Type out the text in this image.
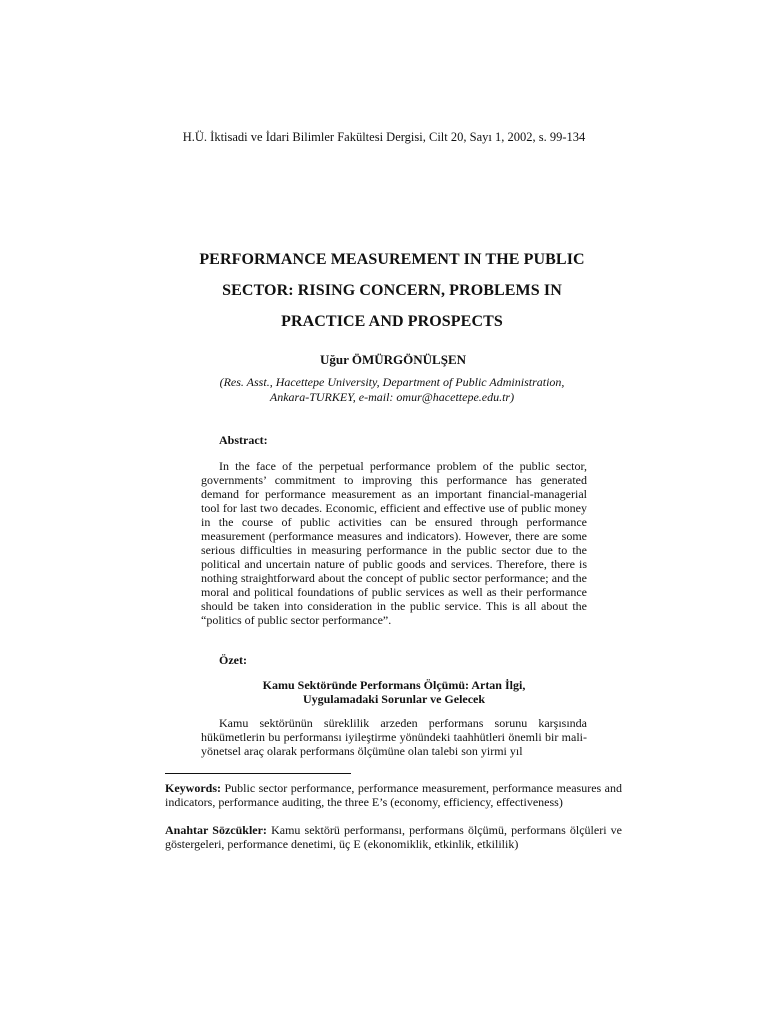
H.Ü. İktisadi ve İdari Bilimler Fakültesi Dergisi, Cilt 20, Sayı 1, 2002, s. 99-134
PERFORMANCE MEASUREMENT IN THE PUBLIC
SECTOR: RISING CONCERN, PROBLEMS IN
PRACTICE AND PROSPECTS
Uğur ÖMÜRGÖNÜLŞEN
(Res. Asst., Hacettepe University, Department of Public Administration,
Ankara-TURKEY, e-mail: omur@hacettepe.edu.tr)
Abstract:

In the face of the perpetual performance problem of the public sector, governments’ commitment to improving this performance has generated demand for performance measurement as an important financial-managerial tool for last two decades. Economic, efficient and effective use of public money in the course of public activities can be ensured through performance measurement (performance measures and indicators). However, there are some serious difficulties in measuring performance in the public sector due to the political and uncertain nature of public goods and services. Therefore, there is nothing straightforward about the concept of public sector performance; and the moral and political foundations of public services as well as their performance should be taken into consideration in the public service. This is all about the “politics of public sector performance”.

Özet:
Kamu Sektöründe Performans Ölçümü: Artan İlgi,
Uygulamadaki Sorunlar ve Gelecek

Kamu sektörünün süreklilik arzeden performans sorunu karşısında hükümetlerin bu performansı iyileştirme yönündeki taahhütleri önemli bir mali-yönetsel araç olarak performans ölçümüne olan talebi son yirmi yıl

Keywords: Public sector performance, performance measurement, performance measures and indicators, performance auditing, the three E’s (economy, efficiency, effectiveness)

Anahtar Sözcükler: Kamu sektörü performansı, performans ölçümü, performans ölçüleri ve göstergeleri, performance denetimi, üç E (ekonomiklik, etkinlik, etkililik)
